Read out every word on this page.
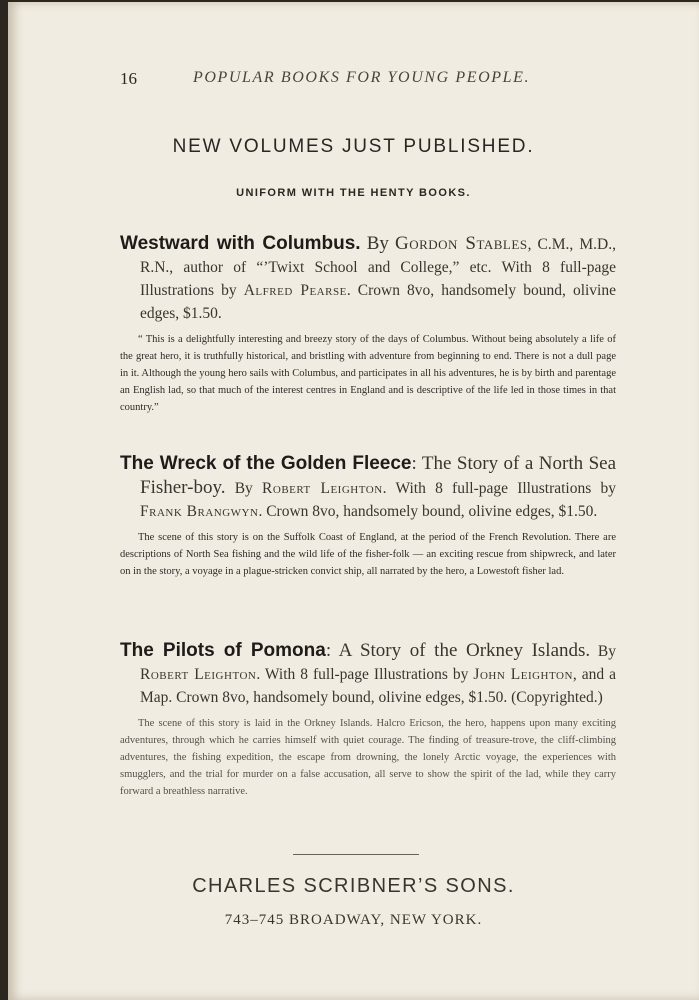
16	POPULAR BOOKS FOR YOUNG PEOPLE.
NEW VOLUMES JUST PUBLISHED.
UNIFORM WITH THE HENTY BOOKS.

Westward with Columbus. By Gordon Stables, C.M., M.D., R.N., author of “’Twixt School and College,” etc. With 8 full-page Illustrations by Alfred Pearse. Crown 8vo, handsomely bound, olivine edges, $1.50.

“ This is a delightfully interesting and breezy story of the days of Columbus. Without being absolutely a life of the great hero, it is truthfully historical, and bristling with adventure from beginning to end. There is not a dull page in it. Although the young hero sails with Columbus, and participates in all his adventures, he is by birth and parentage an English lad, so that much of the interest centres in England and is descriptive of the life led in those times in that country.”

The Wreck of the Golden Fleece: The Story of a North Sea Fisher-boy. By Robert Leighton. With 8 full-page Illustrations by Frank Brangwyn. Crown 8vo, handsomely bound, olivine edges, $1.50.

The scene of this story is on the Suffolk Coast of England, at the period of the French Revolution. There are descriptions of North Sea fishing and the wild life of the fisher-folk — an exciting rescue from shipwreck, and later on in the story, a voyage in a plague-stricken convict ship, all narrated by the hero, a Lowestoft fisher lad.

The Pilots of Pomona: A Story of the Orkney Islands. By Robert Leighton. With 8 full-page Illustrations by John Leighton, and a Map. Crown 8vo, handsomely bound, olivine edges, $1.50. (Copyrighted.)

The scene of this story is laid in the Orkney Islands. Halcro Ericson, the hero, happens upon many exciting adventures, through which he carries himself with quiet courage. The finding of treasure-trove, the cliff-climbing adventures, the fishing expedition, the escape from drowning, the lonely Arctic voyage, the experiences with smugglers, and the trial for murder on a false accusation, all serve to show the spirit of the lad, while they carry forward a breathless narrative.

CHARLES SCRIBNER’S SONS.
743–745 BROADWAY, NEW YORK.
